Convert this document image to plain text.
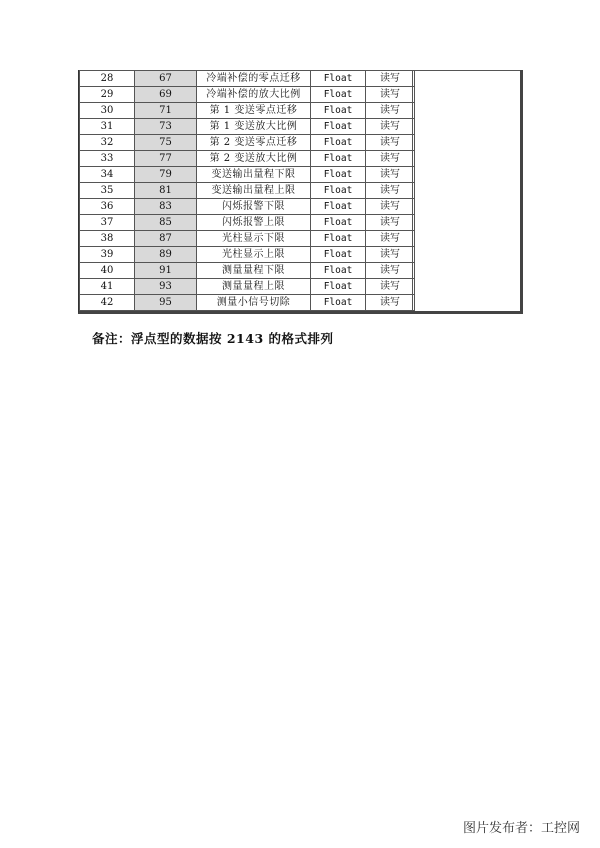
28	67	冷端补偿的零点迁移	Float	读写
29	69	冷端补偿的放大比例	Float	读写
30	71	第 1 变送零点迁移	Float	读写
31	73	第 1 变送放大比例	Float	读写
32	75	第 2 变送零点迁移	Float	读写
33	77	第 2 变送放大比例	Float	读写
34	79	变送输出量程下限	Float	读写
35	81	变送输出量程上限	Float	读写
36	83	闪烁报警下限	Float	读写
37	85	闪烁报警上限	Float	读写
38	87	光柱显示下限	Float	读写
39	89	光柱显示上限	Float	读写
40	91	测量量程下限	Float	读写
41	93	测量量程上限	Float	读写
42	95	测量小信号切除	Float	读写
备注：浮点型的数据按 2143 的格式排列
图片发布者：工控网
